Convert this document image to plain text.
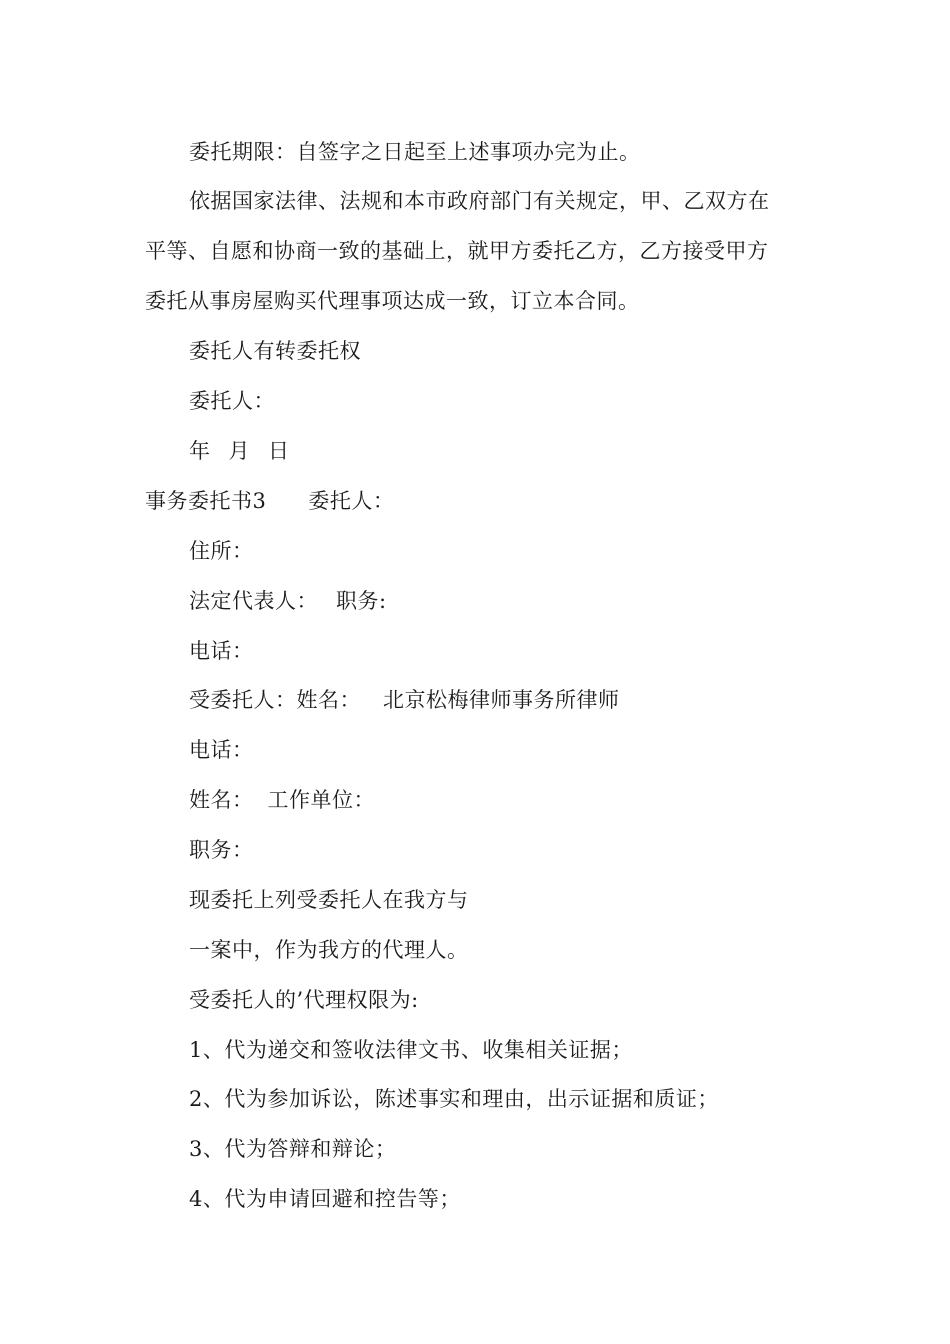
委托期限：自签字之日起至上述事项办完为止。
依据国家法律、法规和本市政府部门有关规定，甲、乙双方在
平等、自愿和协商一致的基础上，就甲方委托乙方，乙方接受甲方
委托从事房屋购买代理事项达成一致，订立本合同。
委托人有转委托权
委托人：
年 月 日
事务委托书3 委托人：
住所：
法定代表人： 职务:
电话：
受委托人：姓名： 北京松梅律师事务所律师
电话：
姓名： 工作单位：
职务：
现委托上列受委托人在我方与
一案中，作为我方的代理人。
受委托人的’代理权限为:
1、代为递交和签收法律文书、收集相关证据；
2、代为参加诉讼，陈述事实和理由，出示证据和质证；
3、代为答辩和辩论；
4、代为申请回避和控告等；
